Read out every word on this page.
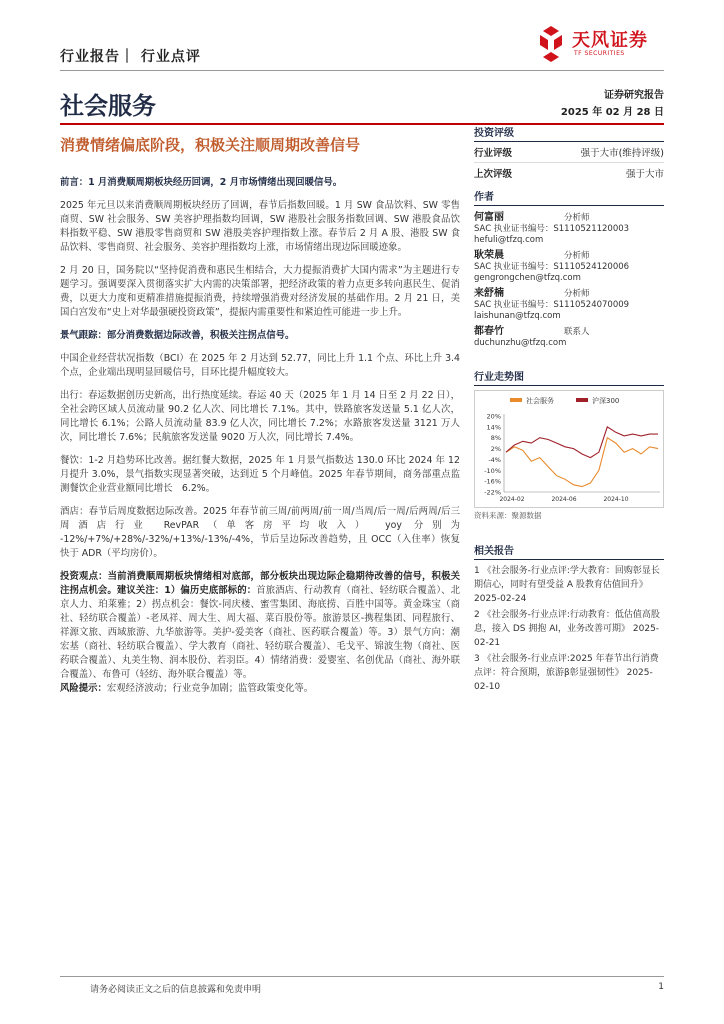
行业报告｜ 行业点评
天风证券
TF SECURITIES
社会服务	证券研究报告
2025 年 02 月 28 日
消费情绪偏底阶段，积极关注顺周期改善信号

前言：1 月消费顺周期板块经历回调，2 月市场情绪出现回暖信号。

2025 年元旦以来消费顺周期板块经历了回调，春节后指数回暖。1 月 SW 食品饮料、SW 零售商贸、SW 社会服务、SW 美容护理指数均回调，SW 港股社会服务指数回调、SW 港股食品饮料指数平稳、SW 港股零售商贸和 SW 港股美容护理指数上涨。春节后 2 月 A 股、港股 SW 食品饮料、零售商贸、社会服务、美容护理指数均上涨，市场情绪出现边际回暖迹象。

2 月 20 日，国务院以“坚持促消费和惠民生相结合，大力提振消费扩大国内需求”为主题进行专题学习。强调要深入贯彻落实扩大内需的决策部署，把经济政策的着力点更多转向惠民生、促消费，以更大力度和更精准措施提振消费，持续增强消费对经济发展的基础作用。2 月 21 日，美国白宫发布“史上对华最强硬投资政策”，提振内需重要性和紧迫性可能进一步上升。

景气跟踪：部分消费数据边际改善，积极关注拐点信号。

中国企业经营状况指数（BCI）在 2025 年 2 月达到 52.77，同比上升 1.1 个点、环比上升 3.4 个点，企业端出现明显回暖信号，目环比提升幅度较大。

出行：春运数据创历史新高，出行热度延续。春运 40 天（2025 年 1 月 14 日至 2 月 22 日），全社会跨区域人员流动量 90.2 亿人次、同比增长 7.1%。其中，铁路旅客发送量 5.1 亿人次，同比增长 6.1%；公路人员流动量 83.9 亿人次，同比增长 7.2%；水路旅客发送量 3121 万人次，同比增长 7.6%；民航旅客发送量 9020 万人次，同比增长 7.4%。

餐饮：1-2 月趋势环比改善。据红餐大数据，2025 年 1 月景气指数达 130.0 环比 2024 年 12 月提升 3.0%，景气指数实现显著突破，达到近 5 个月峰值。2025 年春节期间，商务部重点监测餐饮企业营业额同比增长　6.2%。

酒店：春节后周度数据边际改善。2025 年春节前三周/前两周/前一周/当周/后一周/后两周/后三周酒店行业 RevPAR（单客房平均收入） yoy 分别为 -12%/+7%/+28%/-32%/+13%/-13%/-4%，节后呈边际改善趋势，且 OCC（入住率）恢复快于 ADR（平均房价）。

投资观点：当前消费顺周期板块情绪相对底部，部分板块出现边际企稳期待改善的信号，积极关注拐点机会。建议关注：1）偏历史底部标的：首旅酒店、行动教育（商社、轻纺联合覆盖）、北京人力、珀莱雅；2）拐点机会：餐饮-同庆楼、蜜雪集团、海底捞、百胜中国等。黄金珠宝（商社、轻纺联合覆盖）-老凤祥、周大生、周大福、菜百股份等。旅游景区-携程集团、同程旅行、祥源文旅、西域旅游、九华旅游等。美护-爱美客（商社、医药联合覆盖）等。3）景气方向：潮宏基（商社、轻纺联合覆盖）、学大教育（商社、轻纺联合覆盖）、毛戈平、锦波生物（商社、医药联合覆盖）、丸美生物、润本股份、若羽臣。4）情绪消费：爱婴室、名创优品（商社、海外联合覆盖）、布鲁可（轻纺、海外联合覆盖）等。

风险提示：宏观经济波动；行业竞争加剧；监管政策变化等。

投资评级
行业评级	强于大市(维持评级)
上次评级	强于大市
作者
何富丽	分析师
SAC 执业证书编号：S1110521120003
hefuli@tfzq.com
耿荣晨	分析师
SAC 执业证书编号：S1110524120006
gengrongchen@tfzq.com
来舒楠	分析师
SAC 执业证书编号：S1110524070009
laishunan@tfzq.com
都春竹	联系人
duchunzhu@tfzq.com
行业走势图
社会服务	沪深300
20%
14%
8%
2%
-4%
-10%
-16%
-22%
2024-02	2024-06	2024-10
资料来源：聚源数据
相关报告
1 《社会服务-行业点评:学大教育：回购彰显长期信心，同时有望受益 A 股教育估值回升》 2025-02-24
2 《社会服务-行业点评:行动教育：低估值高股息，接入 DS 拥抱 AI，业务改善可期》 2025-02-21
3 《社会服务-行业点评:2025 年春节出行消费点评：符合预期，旅游β彰显强韧性》 2025-02-10
请务必阅读正文之后的信息披露和免责申明	1
